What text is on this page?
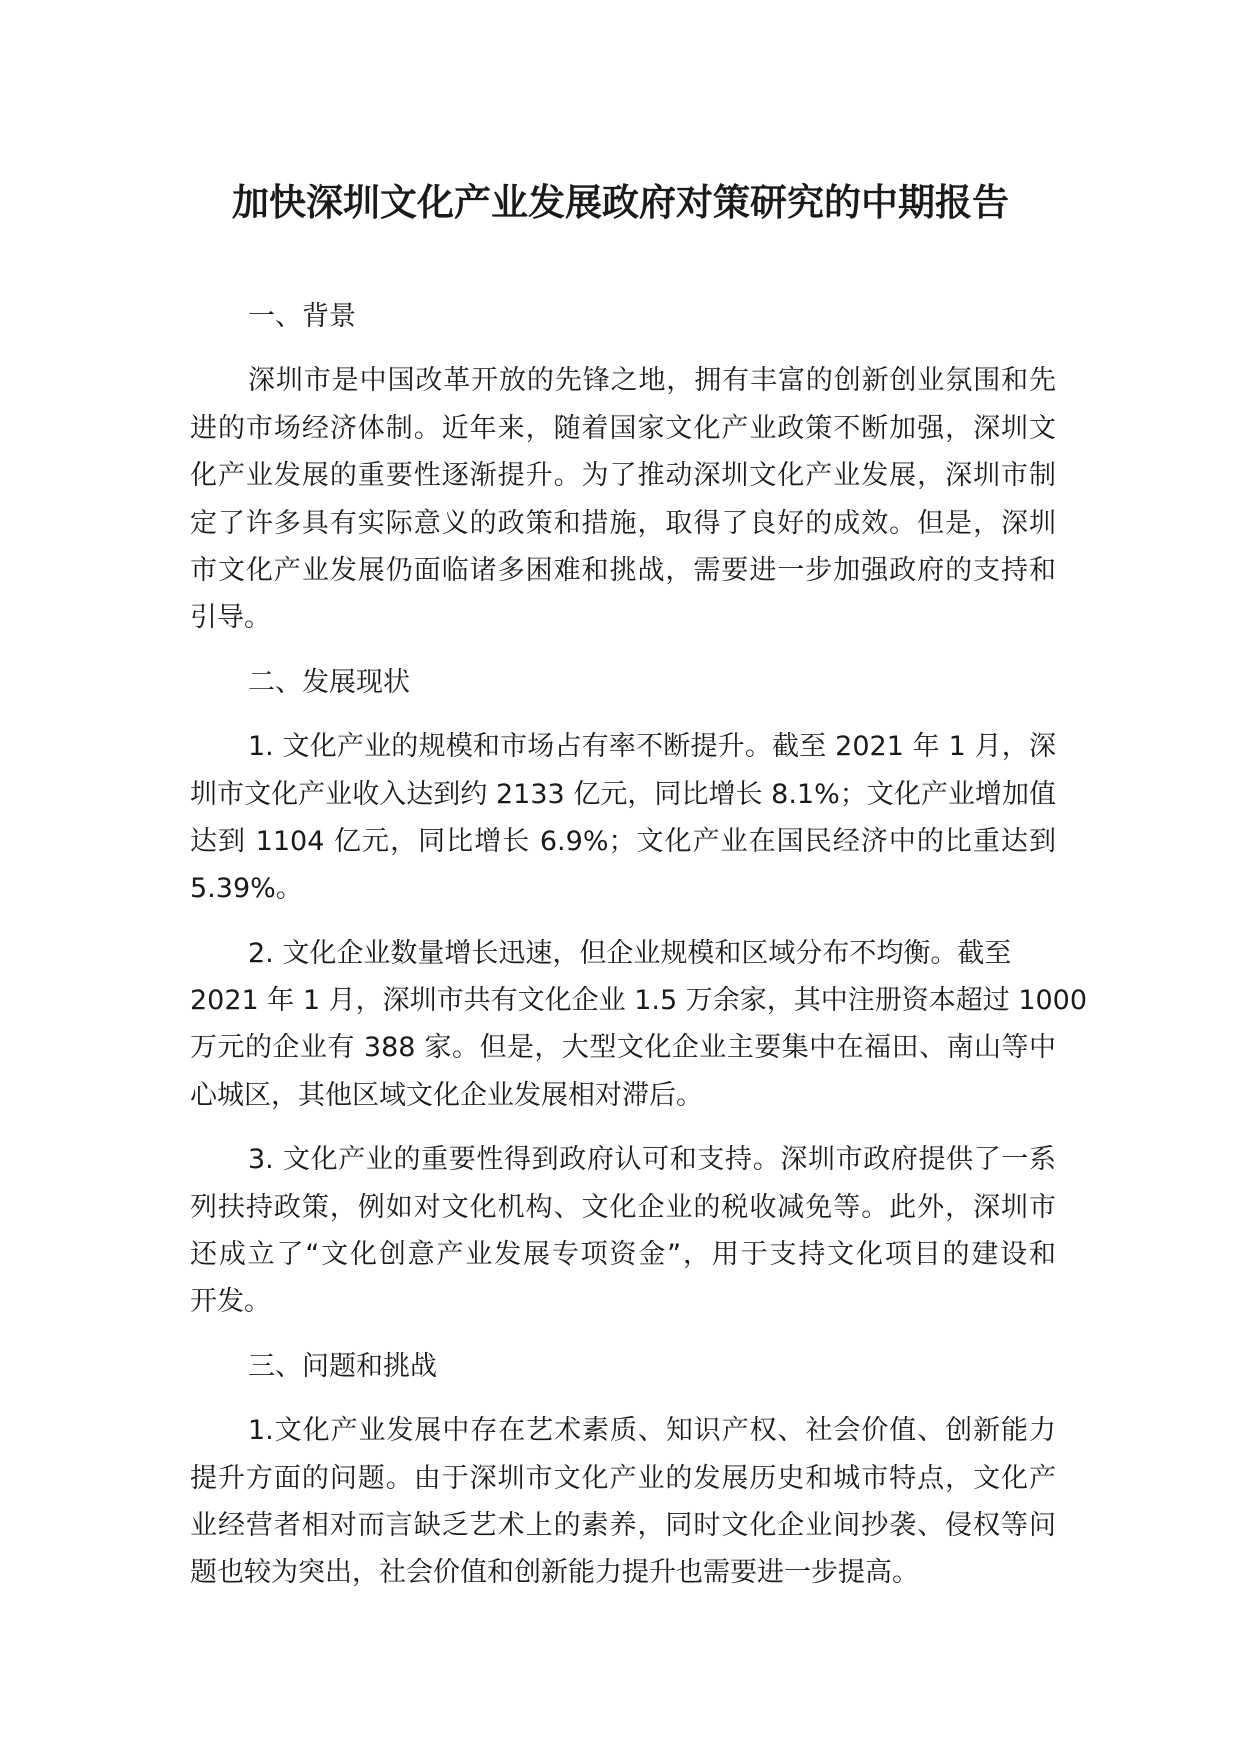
加快深圳文化产业发展政府对策研究的中期报告
一、背景
深圳市是中国改革开放的先锋之地，拥有丰富的创新创业氛围和先
进的市场经济体制。近年来，随着国家文化产业政策不断加强，深圳文
化产业发展的重要性逐渐提升。为了推动深圳文化产业发展，深圳市制
定了许多具有实际意义的政策和措施，取得了良好的成效。但是，深圳
市文化产业发展仍面临诸多困难和挑战，需要进一步加强政府的支持和
引导。
二、发展现状
1. 文化产业的规模和市场占有率不断提升。截至 2021 年 1 月，深
圳市文化产业收入达到约 2133 亿元，同比增长 8.1%；文化产业增加值
达到 1104 亿元，同比增长 6.9%；文化产业在国民经济中的比重达到
5.39%。
2. 文化企业数量增长迅速，但企业规模和区域分布不均衡。截至
2021 年 1 月，深圳市共有文化企业 1.5 万余家，其中注册资本超过 1000
万元的企业有 388 家。但是，大型文化企业主要集中在福田、南山等中
心城区，其他区域文化企业发展相对滞后。
3. 文化产业的重要性得到政府认可和支持。深圳市政府提供了一系
列扶持政策，例如对文化机构、文化企业的税收减免等。此外，深圳市
还成立了“文化创意产业发展专项资金”，用于支持文化项目的建设和
开发。
三、问题和挑战
1.文化产业发展中存在艺术素质、知识产权、社会价值、创新能力
提升方面的问题。由于深圳市文化产业的发展历史和城市特点，文化产
业经营者相对而言缺乏艺术上的素养，同时文化企业间抄袭、侵权等问
题也较为突出，社会价值和创新能力提升也需要进一步提高。
